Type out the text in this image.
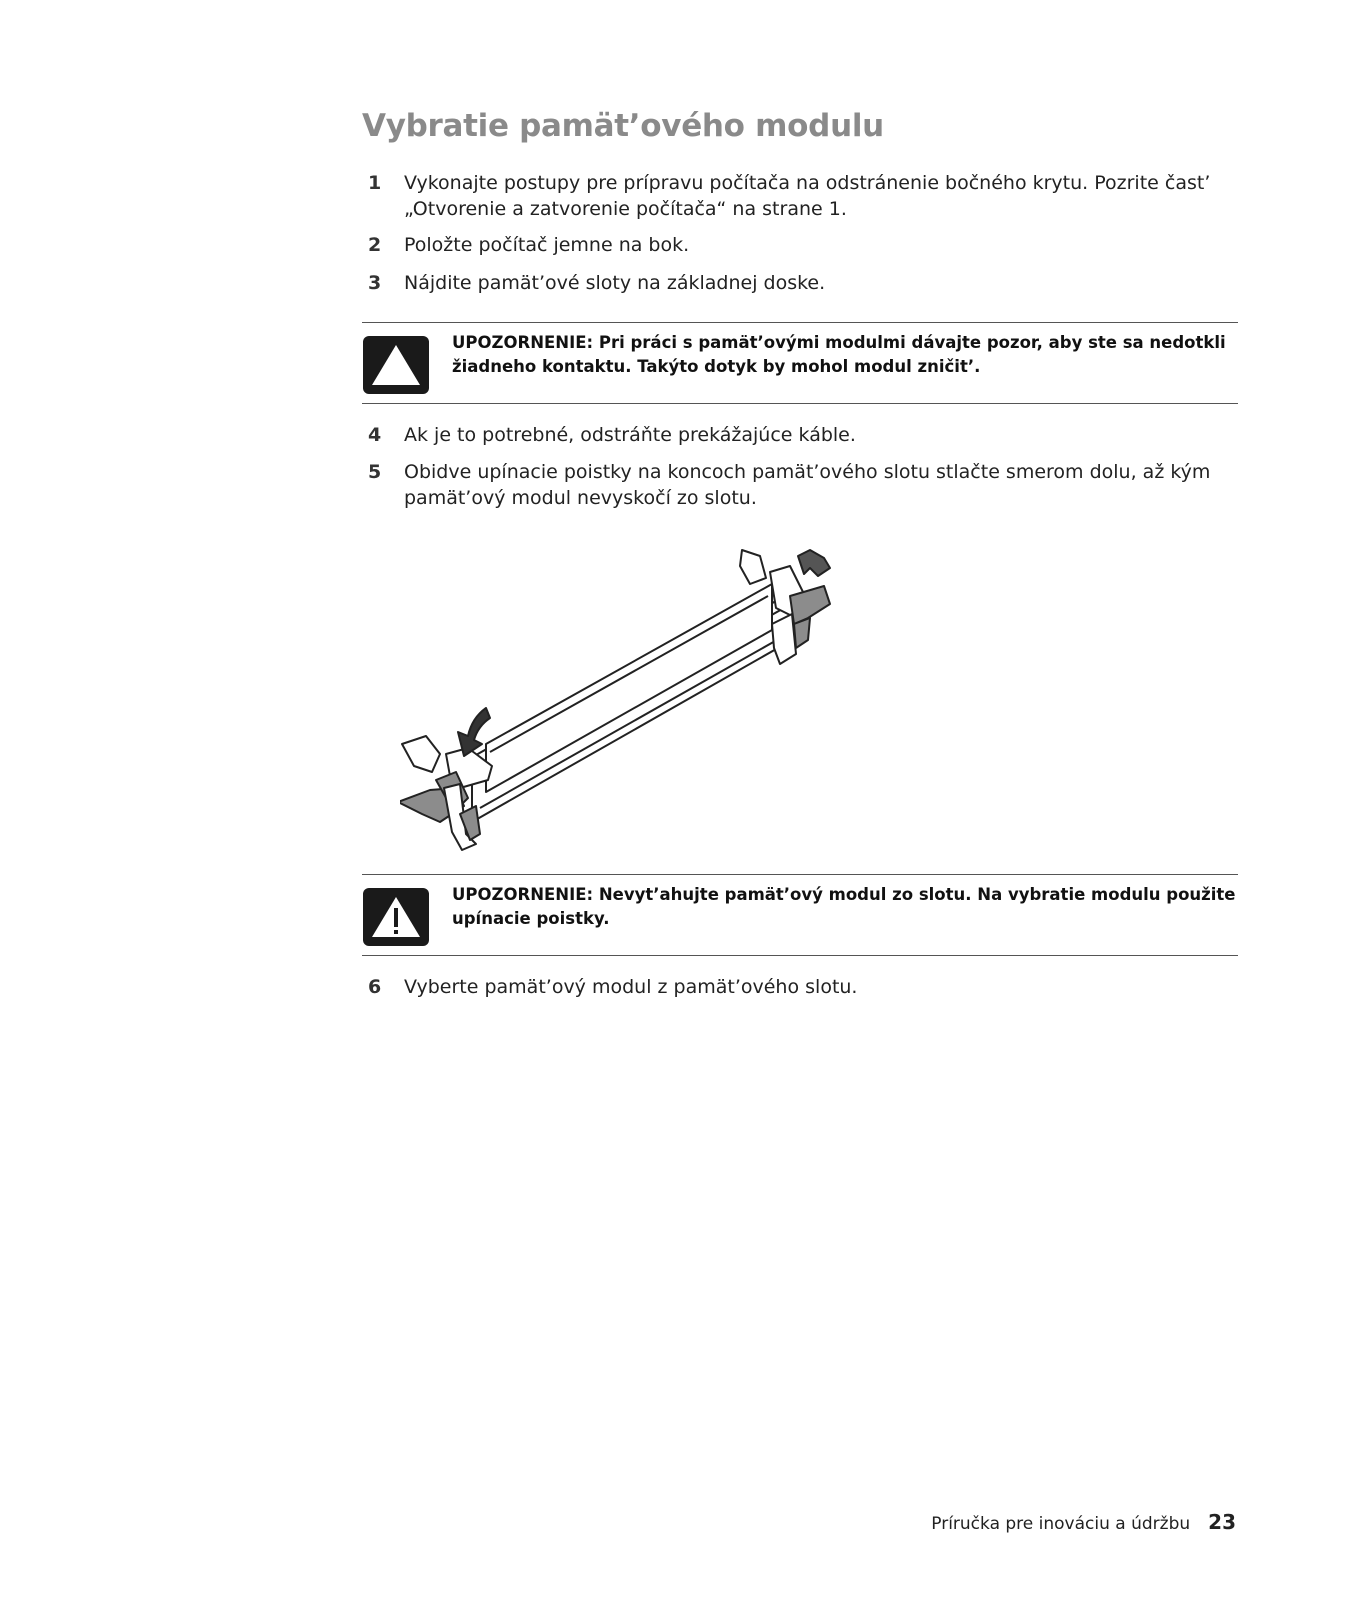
Vybratie pamät’ového modulu
1 Vykonajte postupy pre prípravu počítača na odstránenie bočného krytu. Pozrite čast’ „Otvorenie a zatvorenie počítača“ na strane 1.
2 Položte počítač jemne na bok.
3 Nájdite pamät’ové sloty na základnej doske.
UPOZORNENIE: Pri práci s pamät’ovými modulmi dávajte pozor, aby ste sa nedotkli žiadneho kontaktu. Takýto dotyk by mohol modul zničit’.
4 Ak je to potrebné, odstráňte prekážajúce káble.
5 Obidve upínacie poistky na koncoch pamät’ového slotu stlačte smerom dolu, až kým pamät’ový modul nevyskočí zo slotu.
UPOZORNENIE: Nevyt’ahujte pamät’ový modul zo slotu. Na vybratie modulu použite upínacie poistky.
6 Vyberte pamät’ový modul z pamät’ového slotu.
Príručka pre inováciu a údržbu 23
